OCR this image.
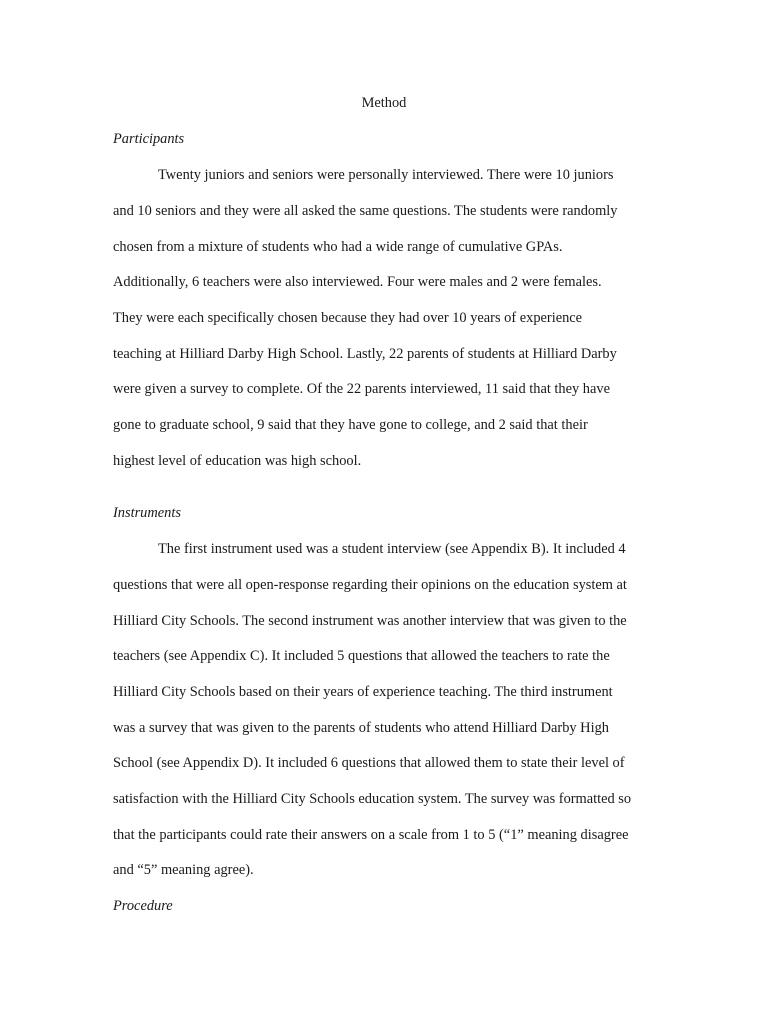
Method
Participants
Twenty juniors and seniors were personally interviewed. There were 10 juniors
and 10 seniors and they were all asked the same questions. The students were randomly
chosen from a mixture of students who had a wide range of cumulative GPAs.
Additionally, 6 teachers were also interviewed. Four were males and 2 were females.
They were each specifically chosen because they had over 10 years of experience
teaching at Hilliard Darby High School. Lastly, 22 parents of students at Hilliard Darby
were given a survey to complete. Of the 22 parents interviewed, 11 said that they have
gone to graduate school, 9 said that they have gone to college, and 2 said that their
highest level of education was high school.
Instruments
The first instrument used was a student interview (see Appendix B). It included 4
questions that were all open-response regarding their opinions on the education system at
Hilliard City Schools. The second instrument was another interview that was given to the
teachers (see Appendix C). It included 5 questions that allowed the teachers to rate the
Hilliard City Schools based on their years of experience teaching. The third instrument
was a survey that was given to the parents of students who attend Hilliard Darby High
School (see Appendix D). It included 6 questions that allowed them to state their level of
satisfaction with the Hilliard City Schools education system. The survey was formatted so
that the participants could rate their answers on a scale from 1 to 5 (“1” meaning disagree
and “5” meaning agree).
Procedure
